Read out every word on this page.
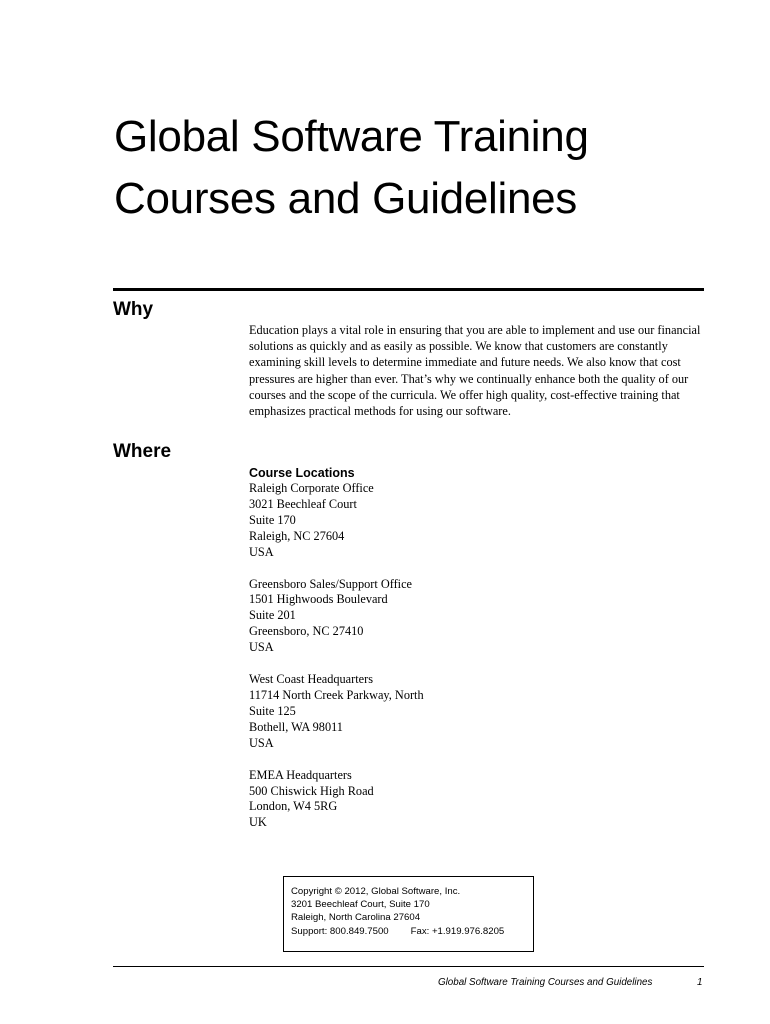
Global Software Training
Courses and Guidelines
Why

Education plays a vital role in ensuring that you are able to implement and use our financial solutions as quickly and as easily as possible. We know that customers are constantly examining skill levels to determine immediate and future needs. We also know that cost pressures are higher than ever. That’s why we continually enhance both the quality of our courses and the scope of the curricula. We offer high quality, cost-effective training that emphasizes practical methods for using our software.

Where

Course Locations

Raleigh Corporate Office
3021 Beechleaf Court
Suite 170
Raleigh, NC 27604
USA
Greensboro Sales/Support Office
1501 Highwoods Boulevard
Suite 201
Greensboro, NC 27410
USA
West Coast Headquarters
11714 North Creek Parkway, North
Suite 125
Bothell, WA 98011
USA
EMEA Headquarters
500 Chiswick High Road
London, W4 5RG
UK
Copyright © 2012, Global Software, Inc.
3201 Beechleaf Court, Suite 170
Raleigh, North Carolina 27604
Support: 800.849.7500 Fax: +1.919.976.8205
Global Software Training Courses and Guidelines	1
